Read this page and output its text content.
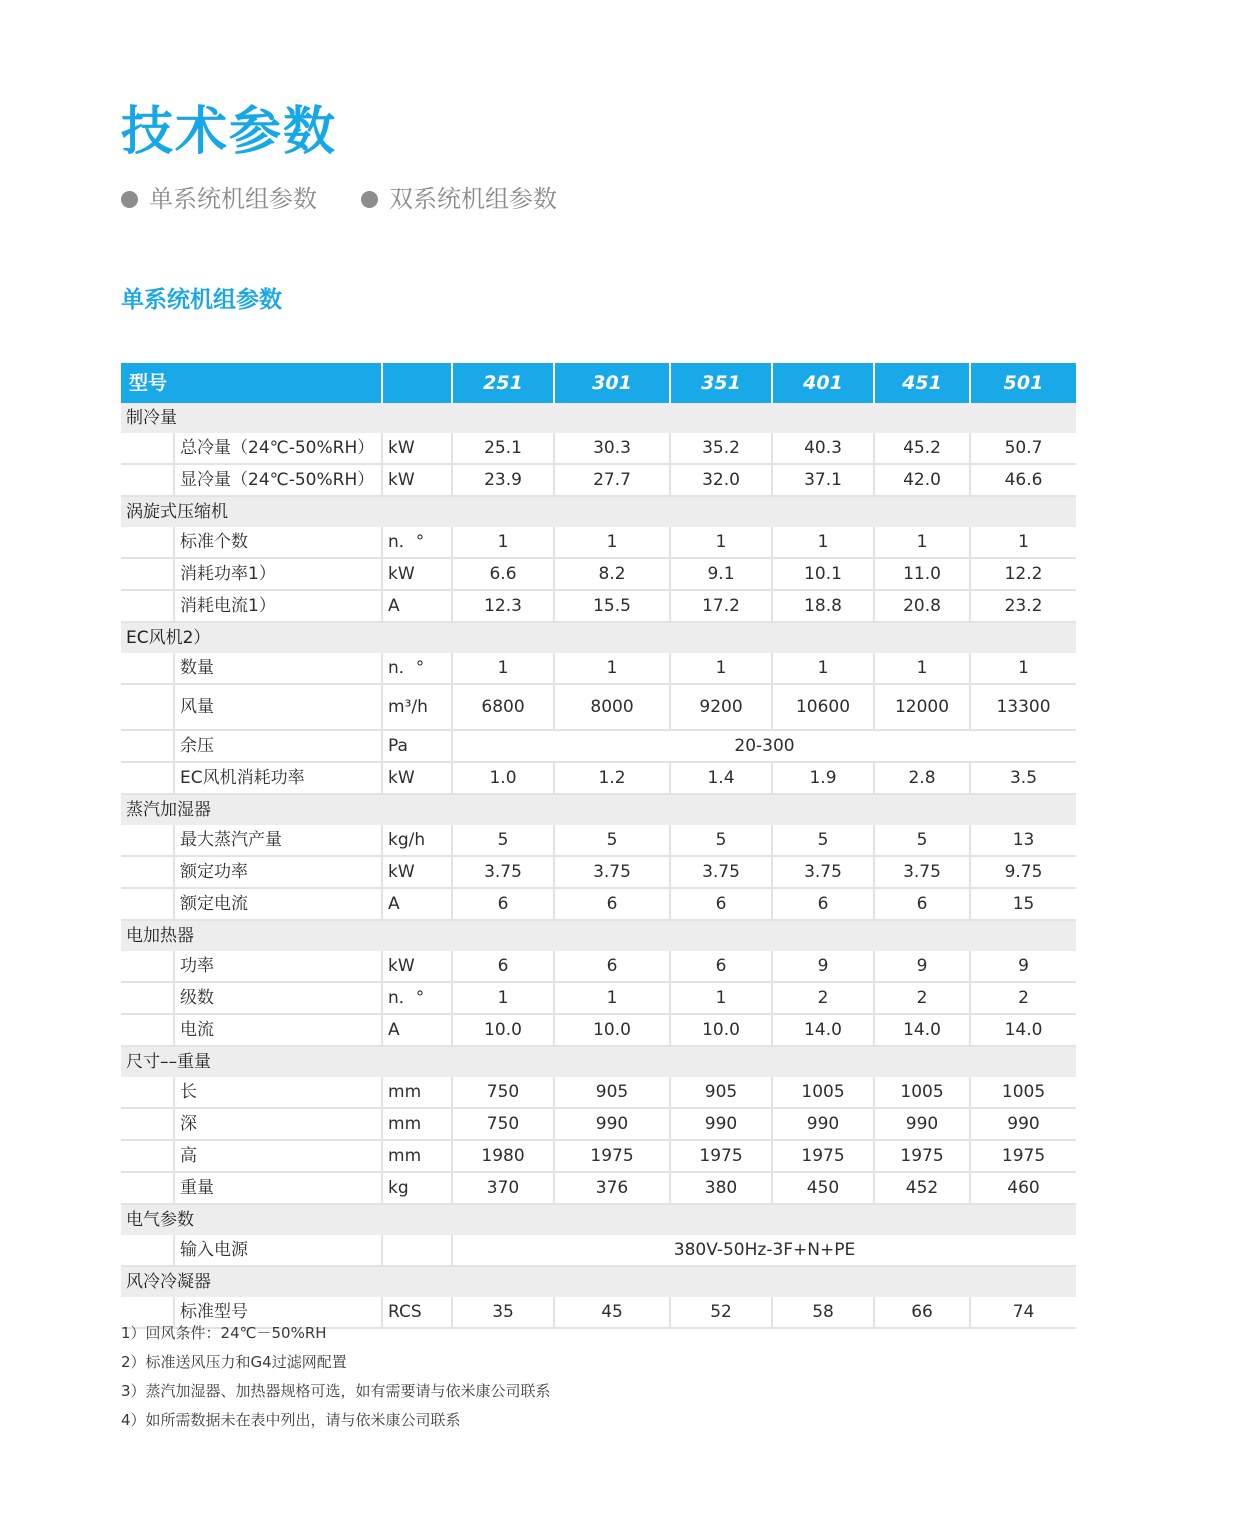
技术参数
单系统机组参数	双系统机组参数
单系统机组参数
型号			251	301	351	401	451	501
制冷量								
	总冷量（24℃-50%RH）	kW	25.1	30.3	35.2	40.3	45.2	50.7
	显冷量（24℃-50%RH）	kW	23.9	27.7	32.0	37.1	42.0	46.6
涡旋式压缩机								
	标准个数	n．°	1	1	1	1	1	1
	消耗功率1）	kW	6.6	8.2	9.1	10.1	11.0	12.2
	消耗电流1）	A	12.3	15.5	17.2	18.8	20.8	23.2
EC风机2）								
	数量	n．°	1	1	1	1	1	1
	风量	m³/h	6800	8000	9200	10600	12000	13300
	余压	Pa	20-300					
	EC风机消耗功率	kW	1.0	1.2	1.4	1.9	2.8	3.5
蒸汽加湿器								
	最大蒸汽产量	kg/h	5	5	5	5	5	13
	额定功率	kW	3.75	3.75	3.75	3.75	3.75	9.75
	额定电流	A	6	6	6	6	6	15
电加热器								
	功率	kW	6	6	6	9	9	9
	级数	n．°	1	1	1	2	2	2
	电流	A	10.0	10.0	10.0	14.0	14.0	14.0
尺寸––重量								
	长	mm	750	905	905	1005	1005	1005
	深	mm	750	990	990	990	990	990
	高	mm	1980	1975	1975	1975	1975	1975
	重量	kg	370	376	380	450	452	460
电气参数								
	输入电源		380V-50Hz-3F+N+PE					
风冷冷凝器								
	标准型号	RCS	35	45	52	58	66	74
1）回风条件：24℃－50%RH
2）标准送风压力和G4过滤网配置
3）蒸汽加湿器、加热器规格可选，如有需要请与依米康公司联系
4）如所需数据未在表中列出，请与依米康公司联系
